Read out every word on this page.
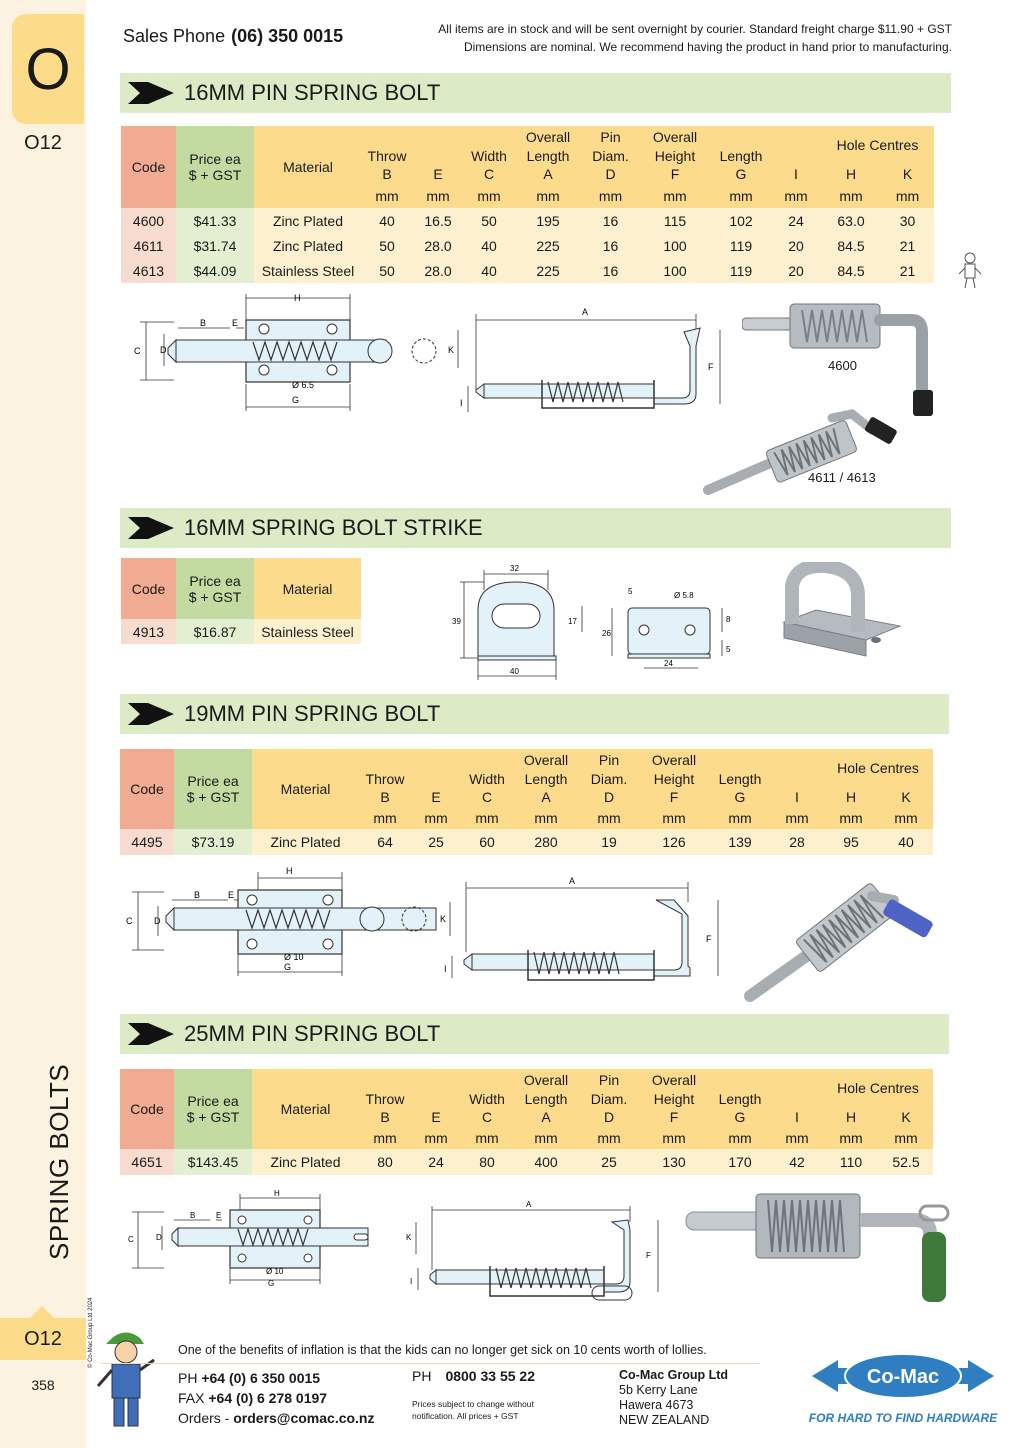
O
O12
SPRING BOLTS
© Co-Mac Group Ltd 2024
O12
358
Sales Phone (06) 350 0015	All items are in stock and will be sent overnight by courier. Standard freight charge $11.90 + GST
Dimensions are nominal. We recommend having the product in hand prior to manufacturing.
16MM PIN SPRING BOLT
Code	Price ea
$ + GST	Material				Overall	Pin	Overall			Hole Centres	
			Throw		Width	Length	Diam.	Height	Length			
			B	E	C	A	D	F	G	I	H	K
			mm	mm	mm	mm	mm	mm	mm	mm	mm	mm
4600	$41.33	Zinc Plated	40	16.5	50	195	16	115	102	24	63.0	30
4611	$31.74	Zinc Plated	50	28.0	40	225	16	100	119	20	84.5	21
4613	$44.09	Stainless Steel	50	28.0	40	225	16	100	119	20	84.5	21
H
B	E
C D	K
Ø 6.5
G
A
F
I
4600
4611 / 4613
16MM SPRING BOLT STRIKE
Code	Price ea
$ + GST	Material
4913	$16.87	Stainless Steel
32
39	17
40
5	Ø 5.8
26
8
5
24
19MM PIN SPRING BOLT
Code	Price ea
$ + GST	Material				Overall	Pin	Overall			Hole Centres	
			Throw		Width	Length	Diam.	Height	Length			
			B	E	C	A	D	F	G	I	H	K
			mm	mm	mm	mm	mm	mm	mm	mm	mm	mm
4495	$73.19	Zinc Plated	64	25	60	280	19	126	139	28	95	40
H
B	E
C D	K
Ø 10
G
A
F
I
25MM PIN SPRING BOLT
Code	Price ea
$ + GST	Material				Overall	Pin	Overall			Hole Centres	
			Throw		Width	Length	Diam.	Height	Length			
			B	E	C	A	D	F	G	I	H	K
			mm	mm	mm	mm	mm	mm	mm	mm	mm	mm
4651	$143.45	Zinc Plated	80	24	80	400	25	130	170	42	110	52.5
H
B	E
C	D	K
Ø 10
G
A
F
I
One of the benefits of inflation is that the kids can no longer get sick on 10 cents worth of lollies.
PH +64 (0) 6 350 0015
FAX +64 (0) 6 278 0197
Orders - orders@comac.co.nz
PH 0800 33 55 22
Prices subject to change without
notification. All prices + GST
Co-Mac Group Ltd
5b Kerry Lane
Hawera 4673
NEW ZEALAND
Co-Mac
FOR HARD TO FIND HARDWARE
